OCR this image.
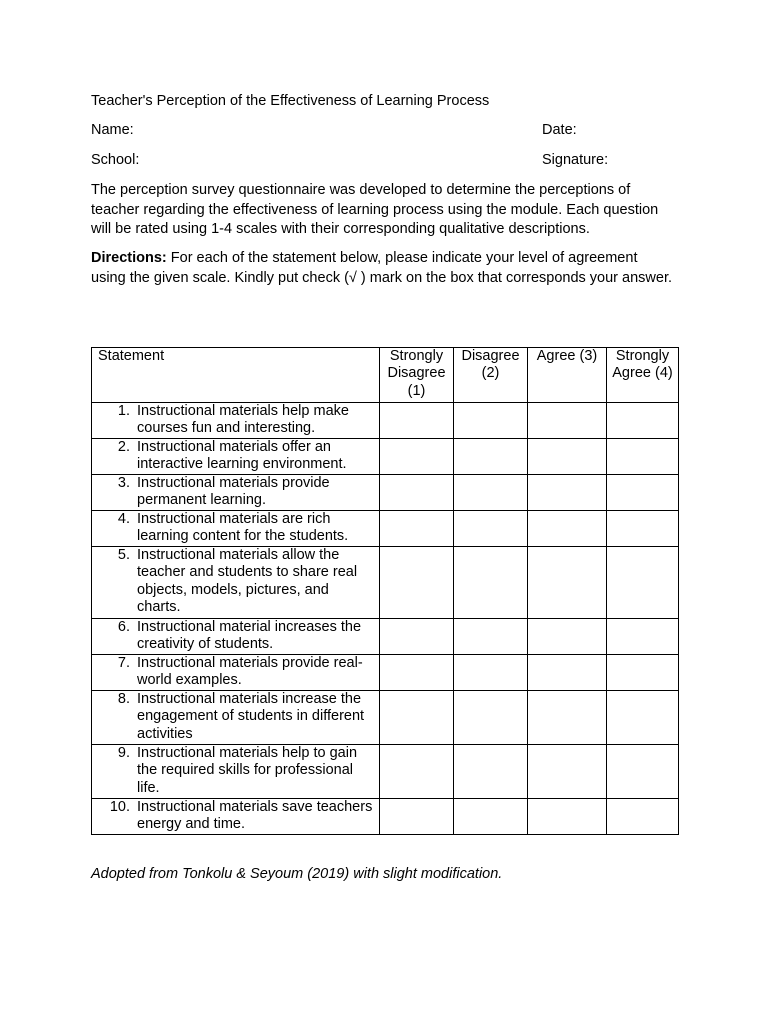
Teacher's Perception of the Effectiveness of Learning Process
Name:	Date:
School:	Signature:
The perception survey questionnaire was developed to determine the perceptions of teacher regarding the effectiveness of learning process using the module. Each question will be rated using 1-4 scales with their corresponding qualitative descriptions.
Directions: For each of the statement below, please indicate your level of agreement using the given scale. Kindly put check (√ ) mark on the box that corresponds your answer.
Statement	Strongly Disagree (1)	Disagree (2)	Agree (3)	Strongly Agree (4)

1. Instructional materials help make courses fun and interesting.				

2. Instructional materials offer an interactive learning environment.				

3. Instructional materials provide permanent learning.				

4. Instructional materials are rich learning content for the students.				

5. Instructional materials allow the teacher and students to share real objects, models, pictures, and charts.				

6. Instructional material increases the creativity of students.				

7. Instructional materials provide real-world examples.				

8. Instructional materials increase the engagement of students in different activities				

9. Instructional materials help to gain the required skills for professional life.				

10. Instructional materials save teachers energy and time.				

Adopted from Tonkolu & Seyoum (2019) with slight modification.
